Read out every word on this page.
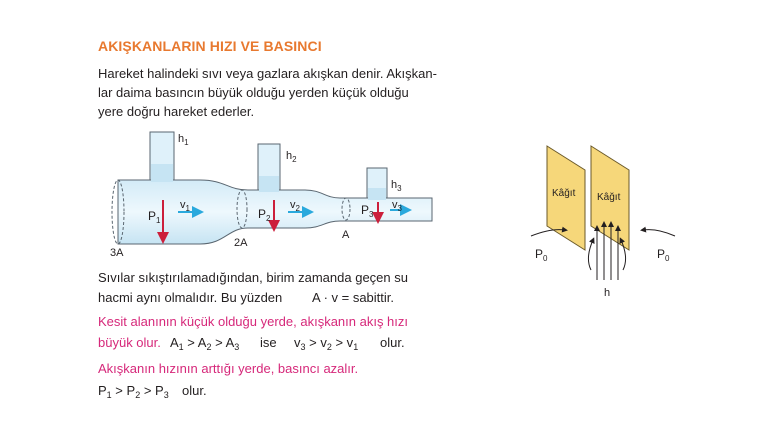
AKIŞKANLARIN HIZI VE BASINCI
Hareket halindeki sıvı veya gazlara akışkan denir. Akışkan-
lar daima basıncın büyük olduğu yerden küçük olduğu
yere doğru hareket ederler.
$h_1$
$h_2$
$h_3$
$P_1$	$P_2$
$P_3$
$v_1$	$v_2$	$v_3$
3A
2A
A
Kâğıt Kâğıt
$P_0$	$P_0$
h
Sıvılar sıkıştırılamadığından, birim zamanda geçen su
hacmi aynı olmalıdır. Bu yüzden A · v = sabittir.
Kesit alanının küçük olduğu yerde, akışkanın akış hızı
büyük olur. $A_1 > A_2 > A_3$ ise $v_3 > v_2 > v_1$ olur.
Akışkanın hızının arttığı yerde, basıncı azalır.
$P_1 > P_2 > P_3$ olur.
